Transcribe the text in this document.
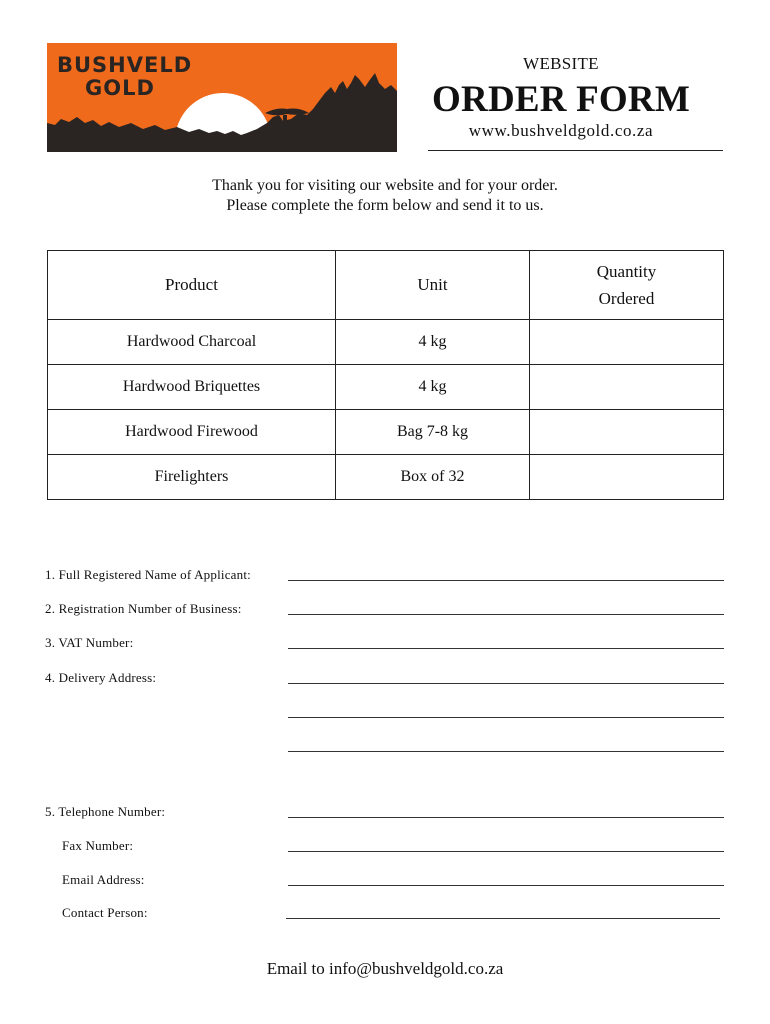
BUSHVELD
GOLD
WEBSITE
ORDER FORM
www.bushveldgold.co.za
Thank you for visiting our website and for your order.
Please complete the form below and send it to us.
Product	Unit	Quantity
Ordered
Hardwood Charcoal	4 kg	
Hardwood Briquettes	4 kg	
Hardwood Firewood	Bag 7-8 kg	
Firelighters	Box of 32	
1. Full Registered Name of Applicant:
2. Registration Number of Business:
3. VAT Number:
4. Delivery Address:
5. Telephone Number:
Fax Number:
Email Address:
Contact Person:
Email to info@bushveldgold.co.za
